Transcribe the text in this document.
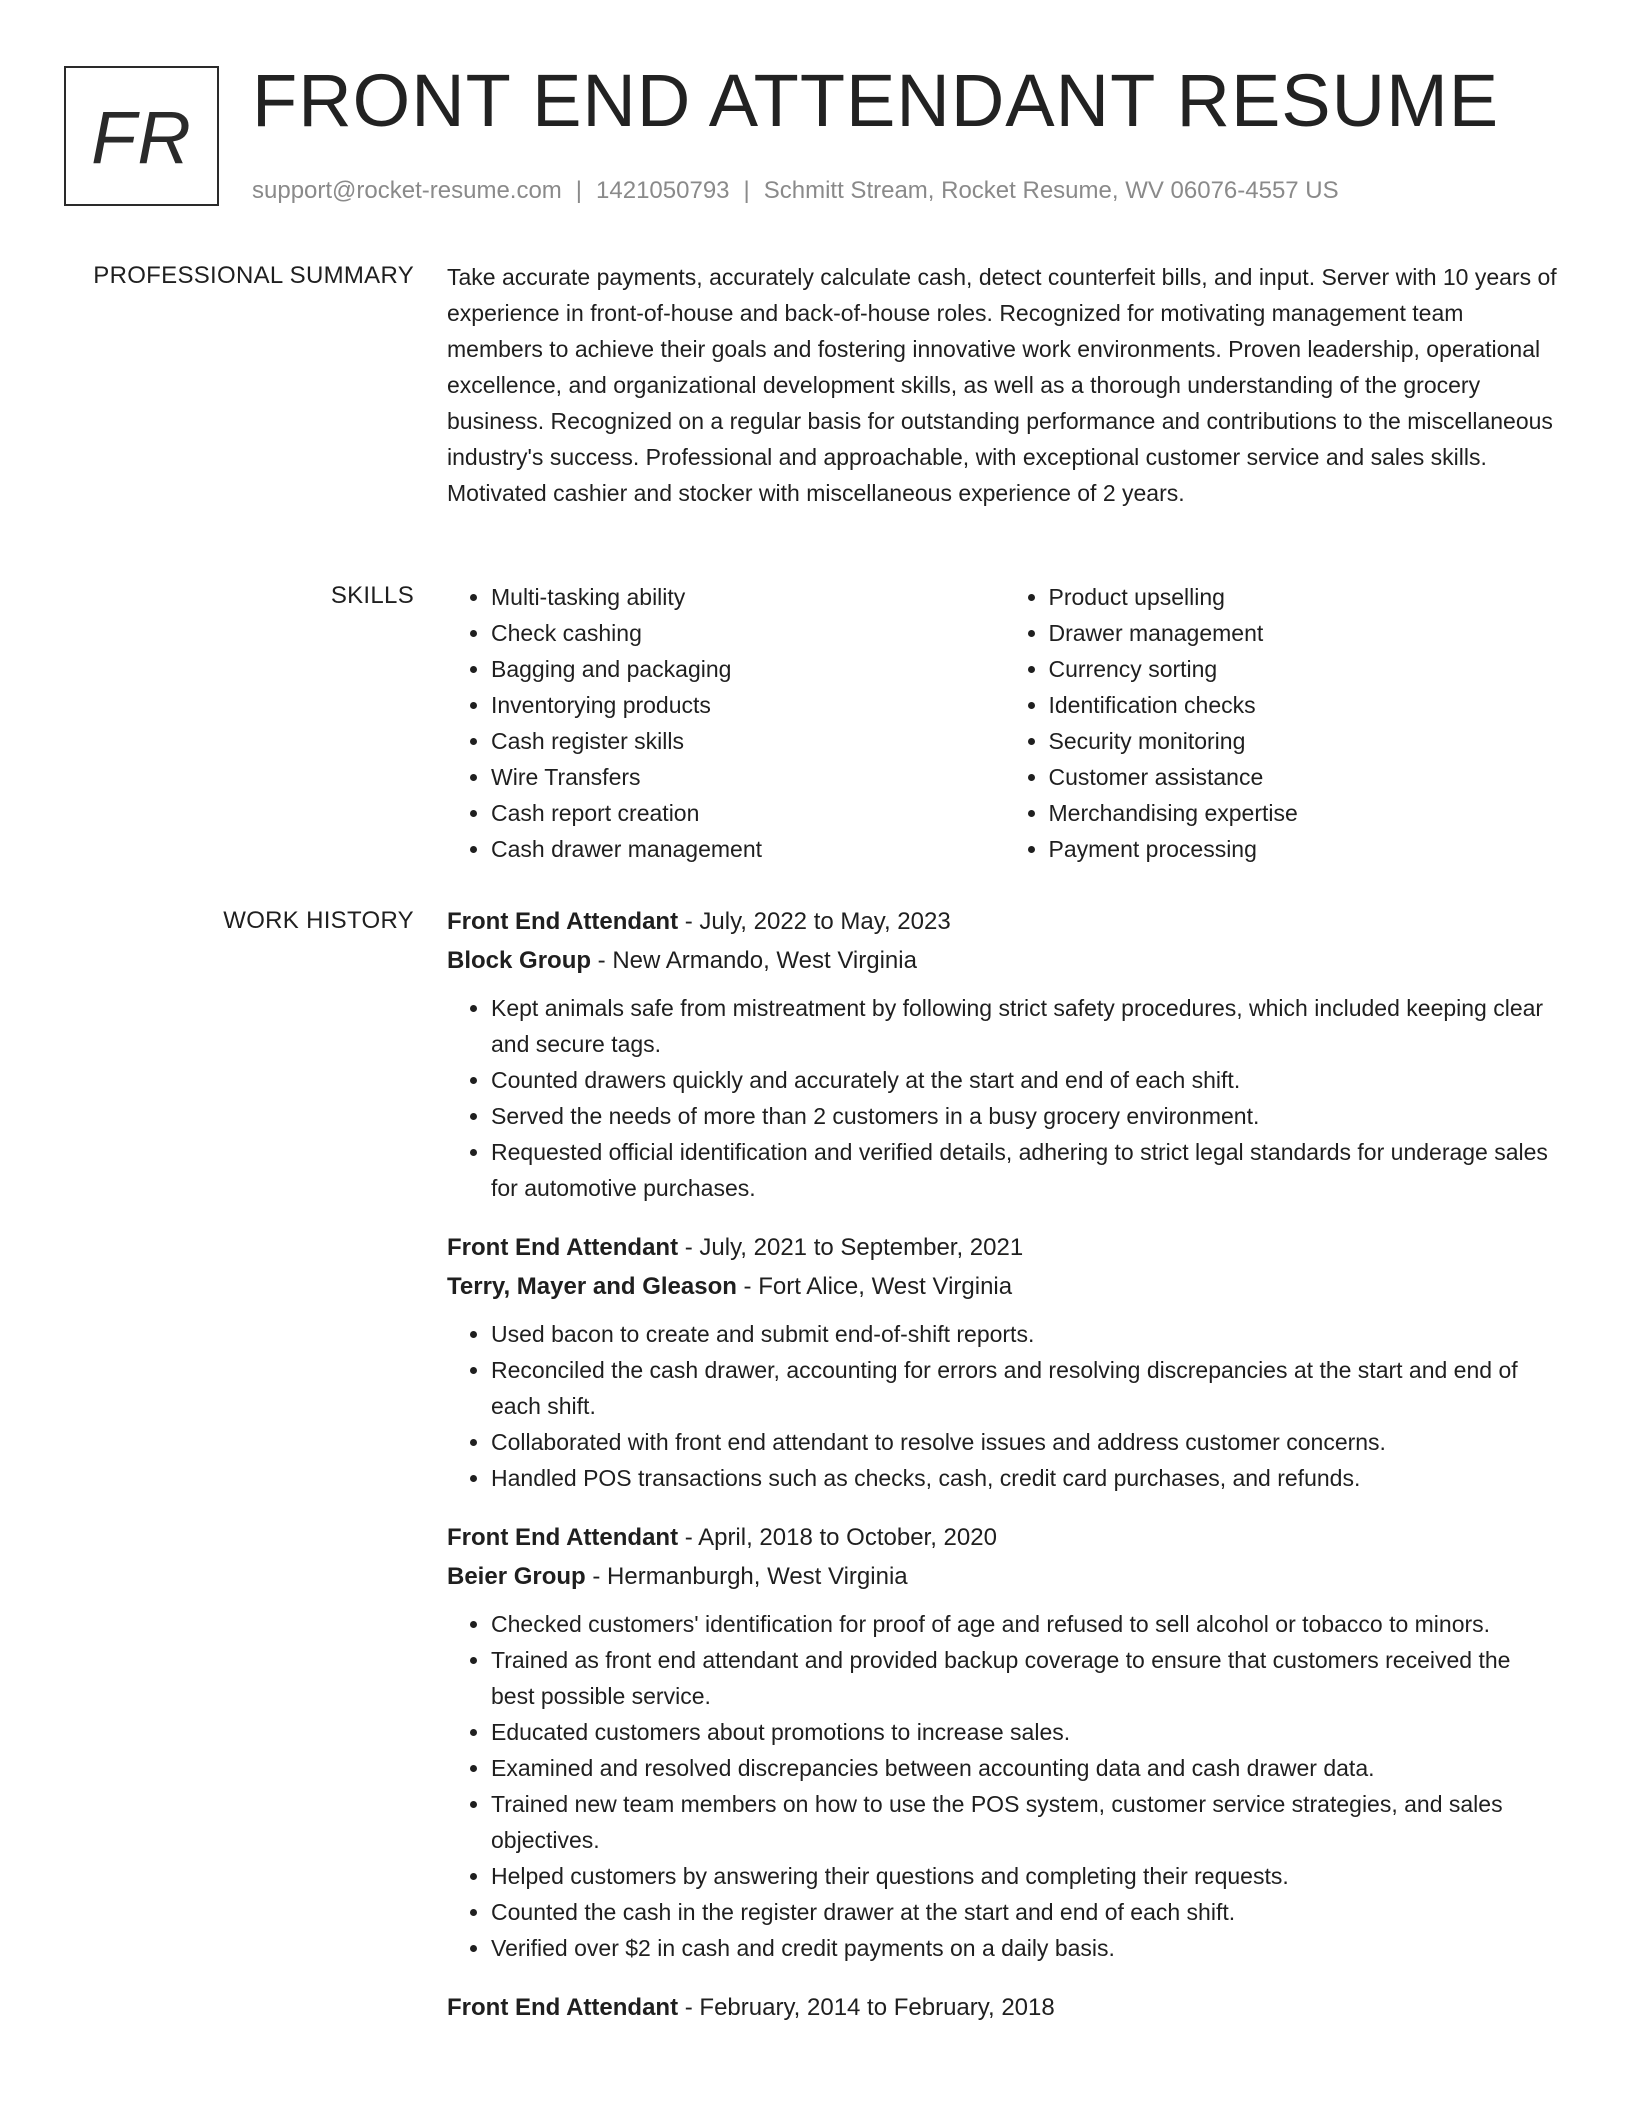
FR FRONT END ATTENDANT RESUME
support@rocket-resume.com | 1421050793 | Schmitt Stream, Rocket Resume, WV 06076-4557 US
PROFESSIONAL SUMMARY Take accurate payments, accurately calculate cash, detect counterfeit bills, and input. Server with 10 years of experience in front-of-house and back-of-house roles. Recognized for motivating management team members to achieve their goals and fostering innovative work environments. Proven leadership, operational excellence, and organizational development skills, as well as a thorough understanding of the grocery business. Recognized on a regular basis for outstanding performance and contributions to the miscellaneous industry's success. Professional and approachable, with exceptional customer service and sales skills. Motivated cashier and stocker with miscellaneous experience of 2 years.

SKILLS
•	Multi-tasking ability
• Check cashing
• Bagging and packaging
• Inventorying products
• Cash register skills
• Wire Transfers
• Cash report creation
• Cash drawer management
• Product upselling
• Drawer management
• Currency sorting
• Identification checks
• Security monitoring
• Customer assistance
• Merchandising expertise
• Payment processing
WORK HISTORY Front End Attendant - July, 2022 to May, 2023
Block Group - New Armando, West Virginia
• Kept animals safe from mistreatment by following strict safety procedures, which included keeping clear and secure tags.
• Counted drawers quickly and accurately at the start and end of each shift.
• Served the needs of more than 2 customers in a busy grocery environment.
• Requested official identification and verified details, adhering to strict legal standards for underage sales for automotive purchases.
Front End Attendant - July, 2021 to September, 2021
Terry, Mayer and Gleason - Fort Alice, West Virginia
• Used bacon to create and submit end-of-shift reports.
• Reconciled the cash drawer, accounting for errors and resolving discrepancies at the start and end of each shift.
• Collaborated with front end attendant to resolve issues and address customer concerns.
• Handled POS transactions such as checks, cash, credit card purchases, and refunds.
Front End Attendant - April, 2018 to October, 2020
Beier Group - Hermanburgh, West Virginia
• Checked customers' identification for proof of age and refused to sell alcohol or tobacco to minors.
• Trained as front end attendant and provided backup coverage to ensure that customers received the best possible service.
• Educated customers about promotions to increase sales.
• Examined and resolved discrepancies between accounting data and cash drawer data.
• Trained new team members on how to use the POS system, customer service strategies, and sales objectives.
• Helped customers by answering their questions and completing their requests.
• Counted the cash in the register drawer at the start and end of each shift.
• Verified over $2 in cash and credit payments on a daily basis.
Front End Attendant - February, 2014 to February, 2018
